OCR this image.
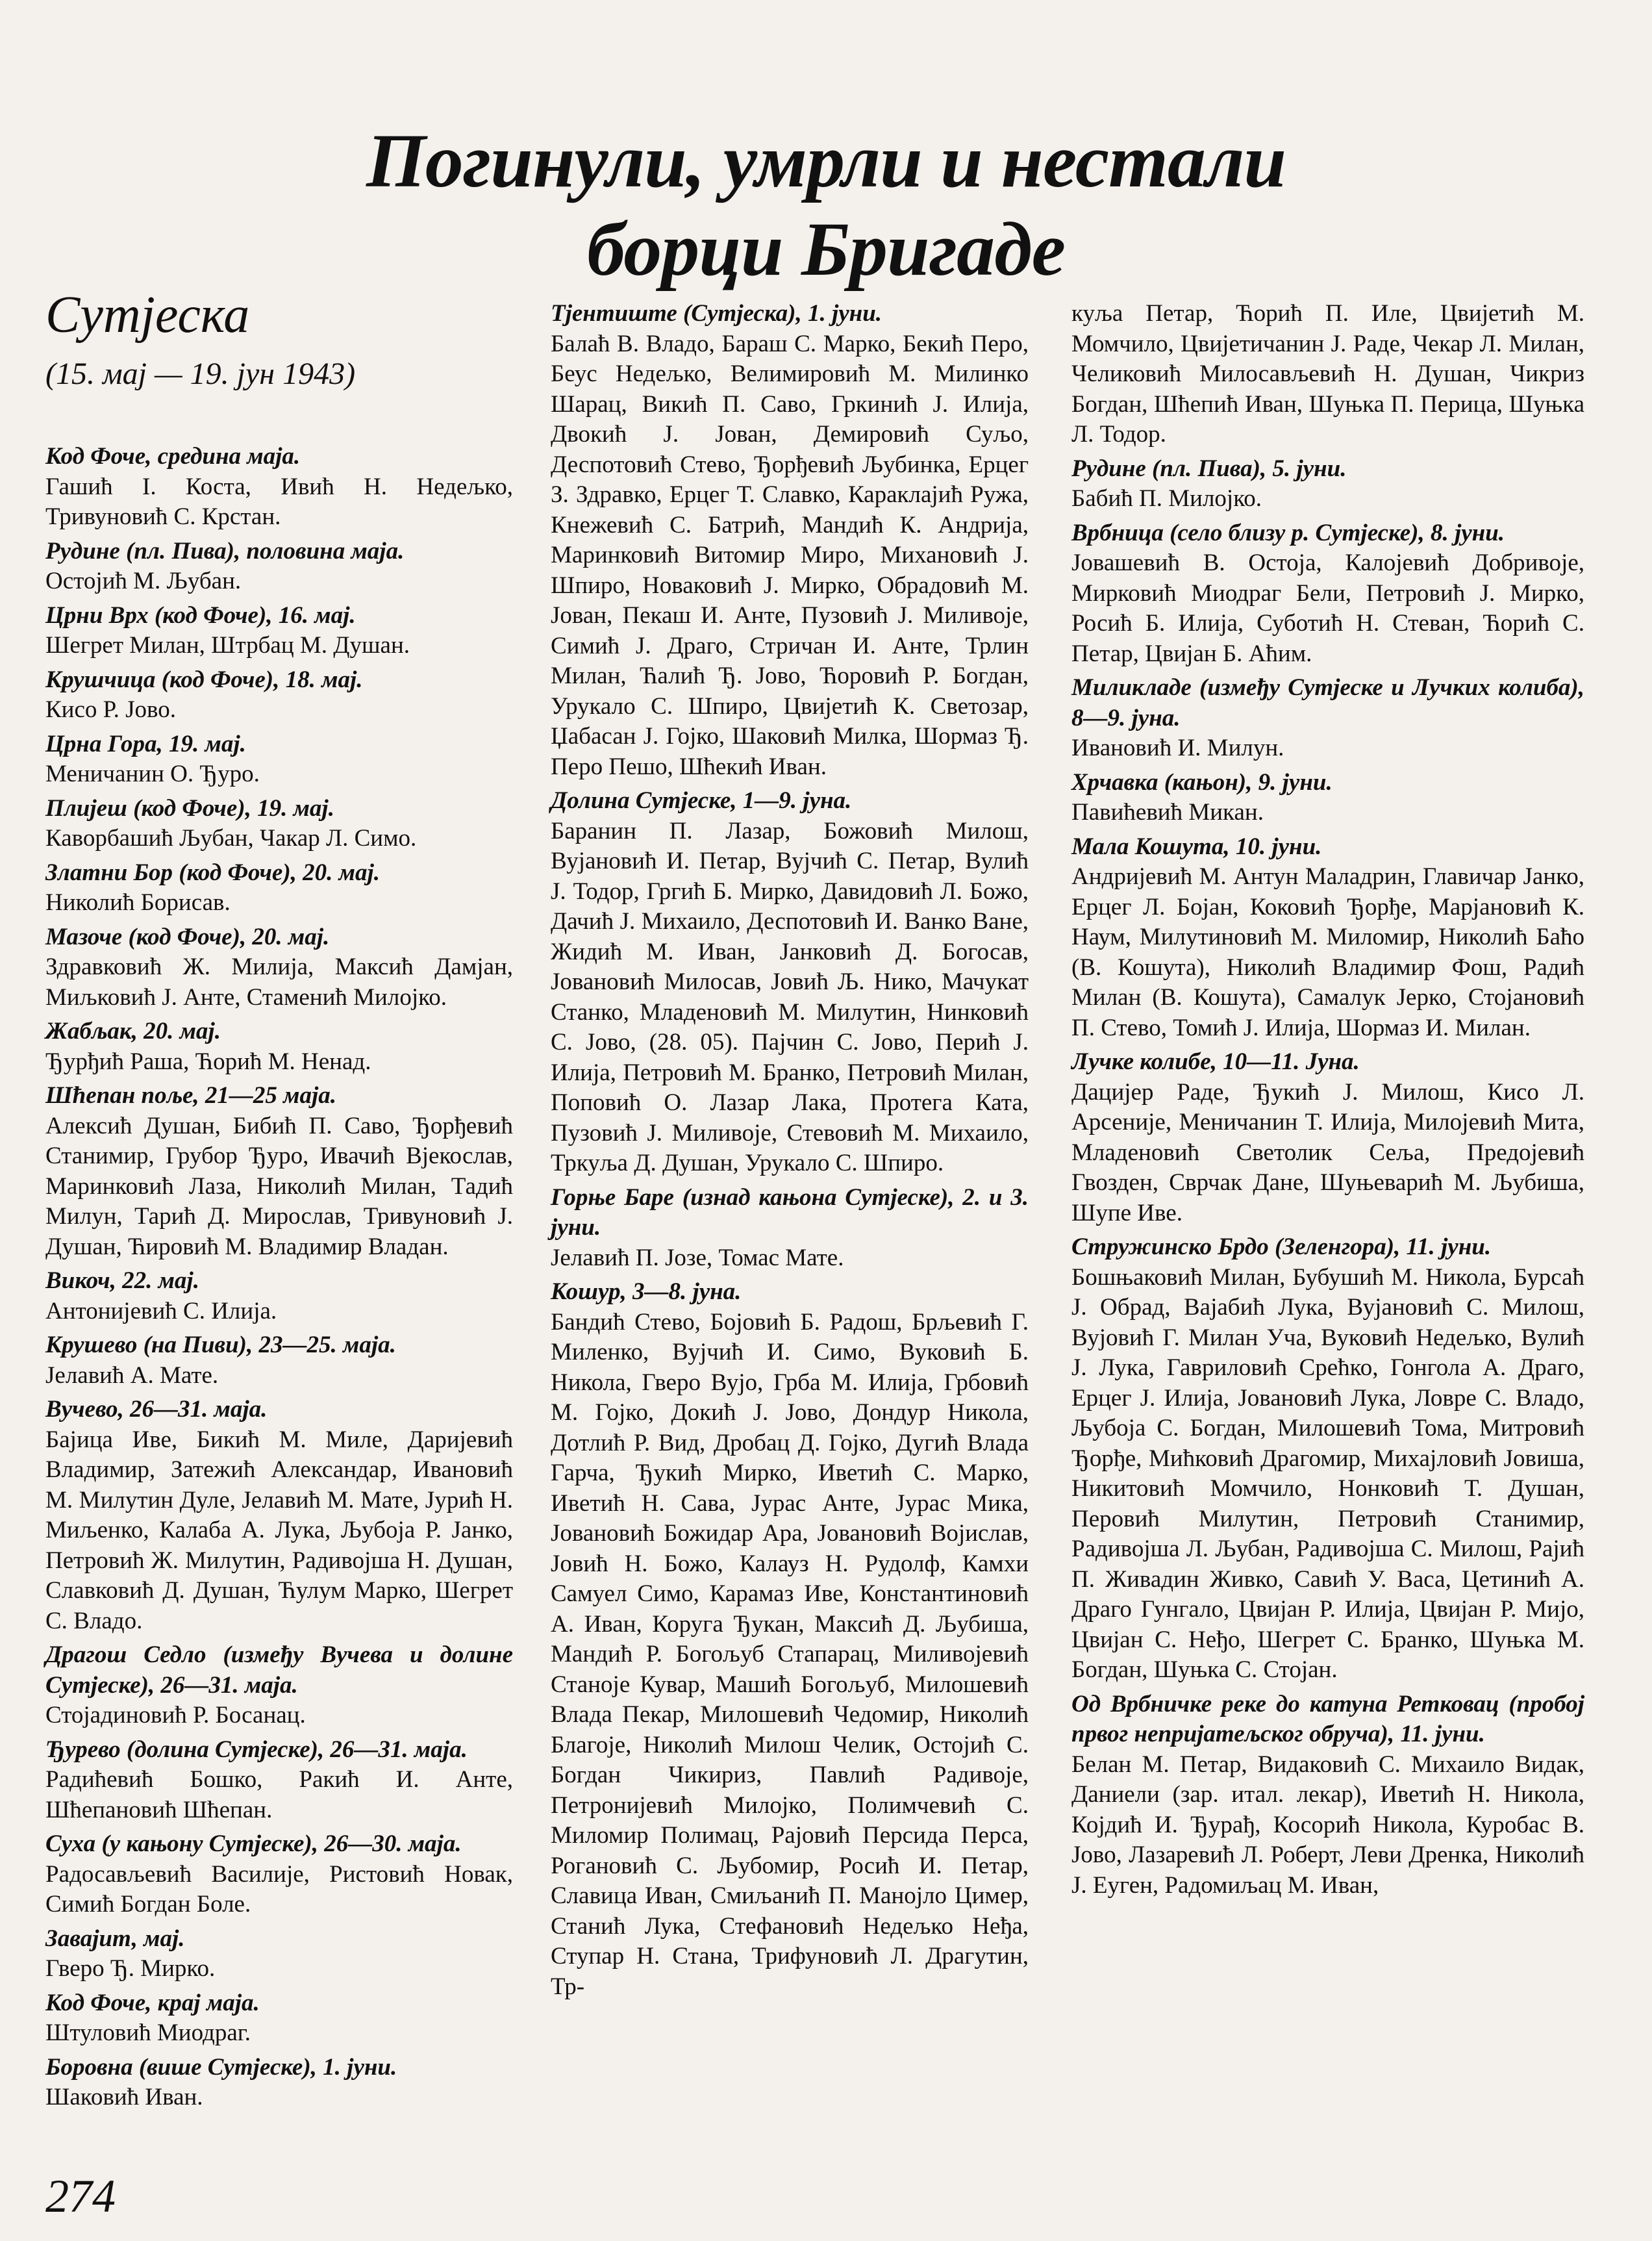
Погинули, умрли и нестали
борци Бригаде
Сутјеска
(15. мај — 19. јун 1943)
Код Фоче, средина маја.
Гашић І. Коста, Ивић Н. Недељко, Тривуновић С. Крстан.
Рудине (пл. Пива), половина маја.
Остојић М. Љубан.
Црни Врх (код Фоче), 16. мај.
Шегрет Милан, Штрбац М. Душан.
Крушчица (код Фоче), 18. мај.
Кисо Р. Јово.
Црна Гора, 19. мај.
Меничанин О. Ђуро.
Плијеш (код Фоче), 19. мај.
Каворбашић Љубан, Чакар Л. Симо.
Златни Бор (код Фоче), 20. мај.
Николић Борисав.
Мазоче (код Фоче), 20. мај.
Здравковић Ж. Милија, Максић Дамјан, Миљковић Ј. Анте, Стаменић Милојко.
Жабљак, 20. мај.
Ђурђић Раша, Ћорић М. Ненад.
Шћепан поље, 21—25 маја.
Алексић Душан, Бибић П. Саво, Ђорђевић Станимир, Грубор Ђуро, Ивачић Вјекослав, Маринковић Лаза, Николић Милан, Тадић Милун, Тарић Д. Мирослав, Тривуновић Ј. Душан, Ћировић М. Владимир Владан.
Викоч, 22. мај.
Антонијевић С. Илија.
Крушево (на Пиви), 23—25. маја.
Јелавић А. Мате.
Вучево, 26—31. маја.
Бајица Иве, Бикић М. Миле, Даријевић Владимир, Затежић Александар, Ивановић М. Милутин Дуле, Јелавић М. Мате, Јурић Н. Миљенко, Калаба А. Лука, Љубоја Р. Јанко, Петровић Ж. Милутин, Радивојша Н. Душан, Славковић Д. Душан, Ћулум Марко, Шегрет С. Владо.
Драгош Седло (између Вучева и долине Сутјеске), 26—31. маја.
Стојадиновић Р. Босанац.
Ђурево (долина Сутјеске), 26—31. маја.
Радићевић Бошко, Ракић И. Анте, Шћепановић Шћепан.
Суха (у кањону Сутјеске), 26—30. маја.
Радосављевић Василије, Ристовић Новак, Симић Богдан Боле.
Завајит, мај.
Гверо Ђ. Мирко.
Код Фоче, крај маја.
Штуловић Миодраг.
Боровна (више Сутјеске), 1. јуни.
Шаковић Иван.
Тјентиште (Сутјеска), 1. јуни.
Балаћ В. Владо, Бараш С. Марко, Бекић Перо, Беус Недељко, Велимировић М. Милинко Шарац, Викић П. Саво, Гркинић Ј. Илија, Двокић Ј. Јован, Демировић Суљо, Деспотовић Стево, Ђорђевић Љубинка, Ерцег З. Здравко, Ерцег Т. Славко, Караклајић Ружа, Кнежевић С. Батрић, Мандић К. Андрија, Маринковић Витомир Миро, Михановић Ј. Шпиро, Новаковић Ј. Мирко, Обрадовић М. Јован, Пекаш И. Анте, Пузовић Ј. Миливоје, Симић Ј. Драго, Стричан И. Анте, Трлин Милан, Ћалић Ђ. Јово, Ћоровић Р. Богдан, Урукало С. Шпиро, Цвијетић К. Светозар, Џабасан Ј. Гојко, Шаковић Милка, Шормаз Ђ. Перо Пешо, Шћекић Иван.
Долина Сутјеске, 1—9. јуна.
Баранин П. Лазар, Божовић Милош, Вујановић И. Петар, Вујчић С. Петар, Вулић Ј. Тодор, Гргић Б. Мирко, Давидовић Л. Божо, Дачић Ј. Михаило, Деспотовић И. Ванко Ване, Жидић М. Иван, Јанковић Д. Богосав, Јовановић Милосав, Јовић Љ. Нико, Мачукат Станко, Младеновић М. Милутин, Нинковић С. Јово, (28. 05). Пајчин С. Јово, Перић Ј. Илија, Петровић М. Бранко, Петровић Милан, Поповић О. Лазар Лака, Протега Ката, Пузовић Ј. Миливоје, Стевовић М. Михаило, Тркуља Д. Душан, Урукало С. Шпиро.
Горње Баре (изнад кањона Сутјеске), 2. и 3. јуни.
Јелавић П. Јозе, Томас Мате.
Кошур, 3—8. јуна.
Бандић Стево, Бојовић Б. Радош, Брљевић Г. Миленко, Вујчић И. Симо, Вуковић Б. Никола, Гверо Вујо, Грба М. Илија, Грбовић М. Гојко, Докић Ј. Јово, Дондур Никола, Дотлић Р. Вид, Дробац Д. Гојко, Дугић Влада Гарча, Ђукић Мирко, Иветић С. Марко, Иветић Н. Сава, Јурас Анте, Јурас Мика, Јовановић Божидар Ара, Јовановић Војислав, Јовић Н. Божо, Калауз Н. Рудолф, Камхи Самуел Симо, Карамаз Иве, Константиновић А. Иван, Коруга Ђукан, Максић Д. Љубиша, Мандић Р. Богољуб Стапарац, Миливојевић Станоје Кувар, Машић Богољуб, Милошевић Влада Пекар, Милошевић Чедомир, Николић Благоје, Николић Милош Челик, Остојић С. Богдан Чикириз, Павлић Радивоје, Петронијевић Милојко, Полимчевић С. Миломир Полимац, Рајовић Персида Перса, Рогановић С. Љубомир, Росић И. Петар, Славица Иван, Смиљанић П. Манојло Цимер, Станић Лука, Стефановић Недељко Неђа, Ступар Н. Стана, Трифуновић Л. Драгутин, Тр-
куља Петар, Ћорић П. Иле, Цвијетић М. Момчило, Цвијетичанин Ј. Раде, Чекар Л. Милан, Челиковић Милосављевић Н. Душан, Чикриз Богдан, Шћепић Иван, Шуњка П. Перица, Шуњка Л. Тодор.
Рудине (пл. Пива), 5. јуни.
Бабић П. Милојко.
Врбница (село близу р. Сутјеске), 8. јуни.
Јовашевић В. Остоја, Калојевић Добривоје, Мирковић Миодраг Бели, Петровић Ј. Мирко, Росић Б. Илија, Суботић Н. Стеван, Ћорић С. Петар, Цвијан Б. Аћим.
Миликладе (између Сутјеске и Лучких колиба), 8—9. јуна.
Ивановић И. Милун.
Хрчавка (кањон), 9. јуни.
Павићевић Микан.
Мала Кошута, 10. јуни.
Андријевић М. Антун Маладрин, Главичар Јанко, Ерцег Л. Бојан, Коковић Ђорђе, Марјановић К. Наум, Милутиновић М. Миломир, Николић Бaћо (В. Кошута), Николић Владимир Фош, Радић Милан (В. Кошута), Самалук Јерко, Стојановић П. Стево, Томић Ј. Илија, Шормаз И. Милан.
Лучке колибе, 10—11. Јуна.
Дацијер Раде, Ђукић Ј. Милош, Кисо Л. Арсеније, Меничанин Т. Илија, Милојевић Мита, Младеновић Светолик Сеља, Предојевић Гвозден, Сврчак Дане, Шуњеварић М. Љубиша, Шупе Иве.
Стружинско Брдо (Зеленгора), 11. јуни.
Бошњаковић Милан, Бубушић М. Никола, Бурсаћ Ј. Обрад, Вајабић Лука, Вујановић С. Милош, Вујовић Г. Милан Уча, Вуковић Недељко, Вулић Ј. Лука, Гавриловић Срећко, Гонгола А. Драго, Ерцег Ј. Илија, Јовановић Лука, Ловре С. Владо, Љубоја С. Богдан, Милошевић Тома, Митровић Ђорђе, Мићковић Драгомир, Михајловић Јовиша, Никитовић Момчило, Нонковић Т. Душан, Перовић Милутин, Петровић Станимир, Радивојша Л. Љубан, Радивојша С. Милош, Рајић П. Живадин Живко, Савић У. Васа, Цетинић А. Драго Гунгало, Цвијан Р. Илија, Цвијан Р. Мијо, Цвијан С. Нeђо, Шегрет С. Бранко, Шуњка М. Богдан, Шуњка С. Стојан.
Од Врбничке реке до катуна Ретковац (пробој првог непријатељског обруча), 11. јуни.
Белан М. Петар, Видаковић С. Михаило Видак, Даниели (зар. итал. лекар), Иветић Н. Никола, Којдић И. Ђурађ, Косорић Никола, Куробас В. Јово, Лазаревић Л. Роберт, Леви Дренка, Николић Ј. Еуген, Радомиљац М. Иван,
274
